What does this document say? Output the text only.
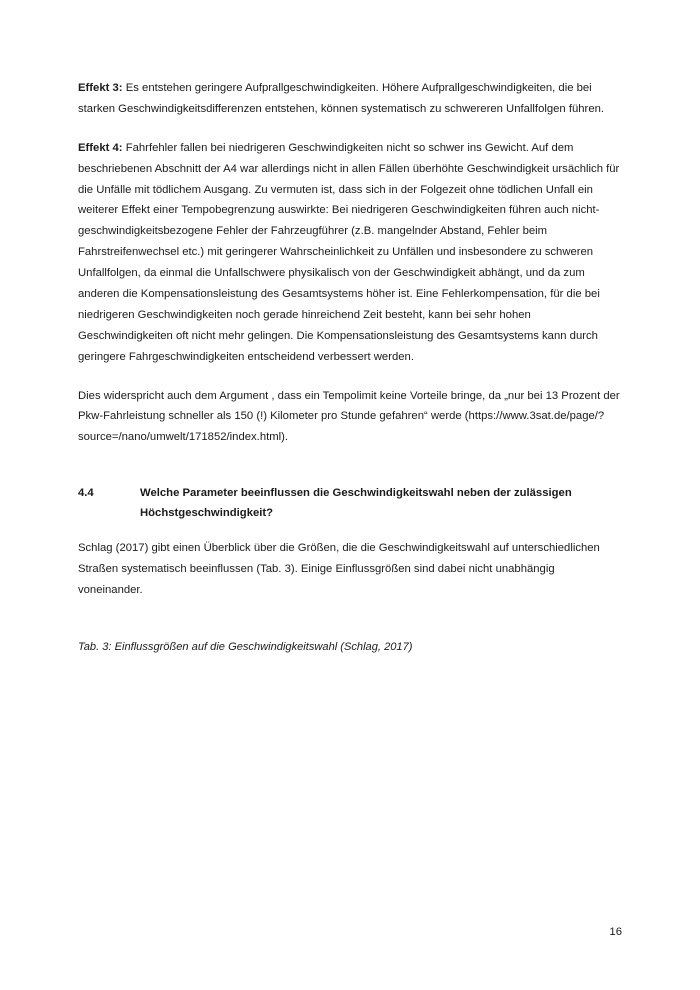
Effekt 3: Es entstehen geringere Aufprallgeschwindigkeiten. Höhere Aufprallgeschwindigkeiten, die bei starken Geschwindigkeitsdifferenzen entstehen, können systematisch zu schwereren Unfallfolgen führen.

Effekt 4: Fahrfehler fallen bei niedrigeren Geschwindigkeiten nicht so schwer ins Gewicht. Auf dem beschriebenen Abschnitt der A4 war allerdings nicht in allen Fällen überhöhte Geschwindigkeit ursächlich für die Unfälle mit tödlichem Ausgang. Zu vermuten ist, dass sich in der Folgezeit ohne tödlichen Unfall ein weiterer Effekt einer Tempobegrenzung auswirkte: Bei niedrigeren Geschwindigkeiten führen auch nicht-geschwindigkeitsbezogene Fehler der Fahrzeugführer (z.B. mangelnder Abstand, Fehler beim Fahrstreifenwechsel etc.) mit geringerer Wahrscheinlichkeit zu Unfällen und insbesondere zu schweren Unfallfolgen, da einmal die Unfallschwere physikalisch von der Geschwindigkeit abhängt, und da zum anderen die Kompensationsleistung des Gesamtsystems höher ist. Eine Fehlerkompensation, für die bei niedrigeren Geschwindigkeiten noch gerade hinreichend Zeit besteht, kann bei sehr hohen Geschwindigkeiten oft nicht mehr gelingen. Die Kompensationsleistung des Gesamtsystems kann durch geringere Fahrgeschwindigkeiten entscheidend verbessert werden.

Dies widerspricht auch dem Argument , dass ein Tempolimit keine Vorteile bringe, da „nur bei 13 Prozent der Pkw-Fahrleistung schneller als 150 (!) Kilometer pro Stunde gefahren“ werde (https://www.3sat.de/page/?source=/nano/umwelt/171852/index.html).

4.4	Welche Parameter beeinflussen die Geschwindigkeitswahl neben der zulässigen Höchstgeschwindigkeit?

Schlag (2017) gibt einen Überblick über die Größen, die die Geschwindigkeitswahl auf unterschiedlichen Straßen systematisch beeinflussen (Tab. 3). Einige Einflussgrößen sind dabei nicht unabhängig voneinander.

Tab. 3: Einflussgrößen auf die Geschwindigkeitswahl (Schlag, 2017)

16
